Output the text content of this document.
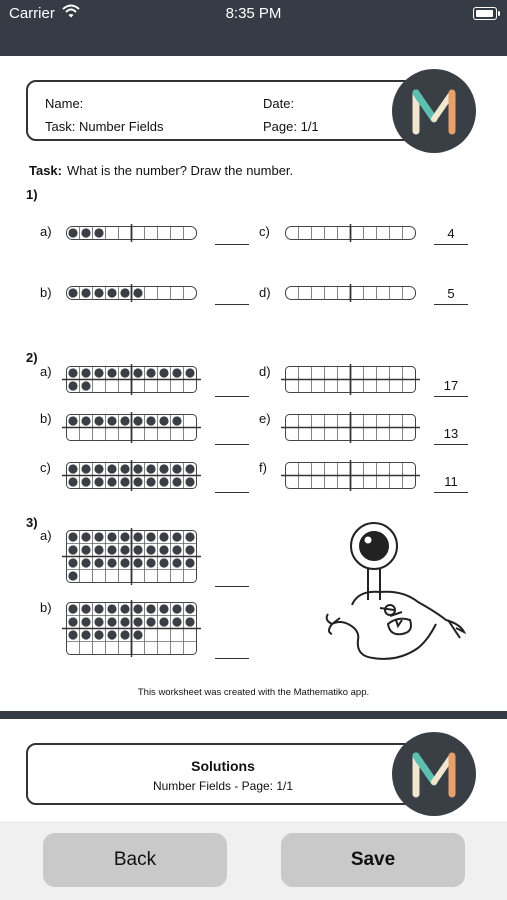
Carrier	8:35 PM
Name:
Task: Number Fields
Date:
Page: 1/1
Task: What is the number? Draw the number.
1)
2)
3)
a)
b)
c)
d)
a)
b)
c)
d)
e)
f)
a)
b)
4
5
17
13
11
This worksheet was created with the Mathematiko app.
Solutions
Number Fields - Page: 1/1
Back	Save
